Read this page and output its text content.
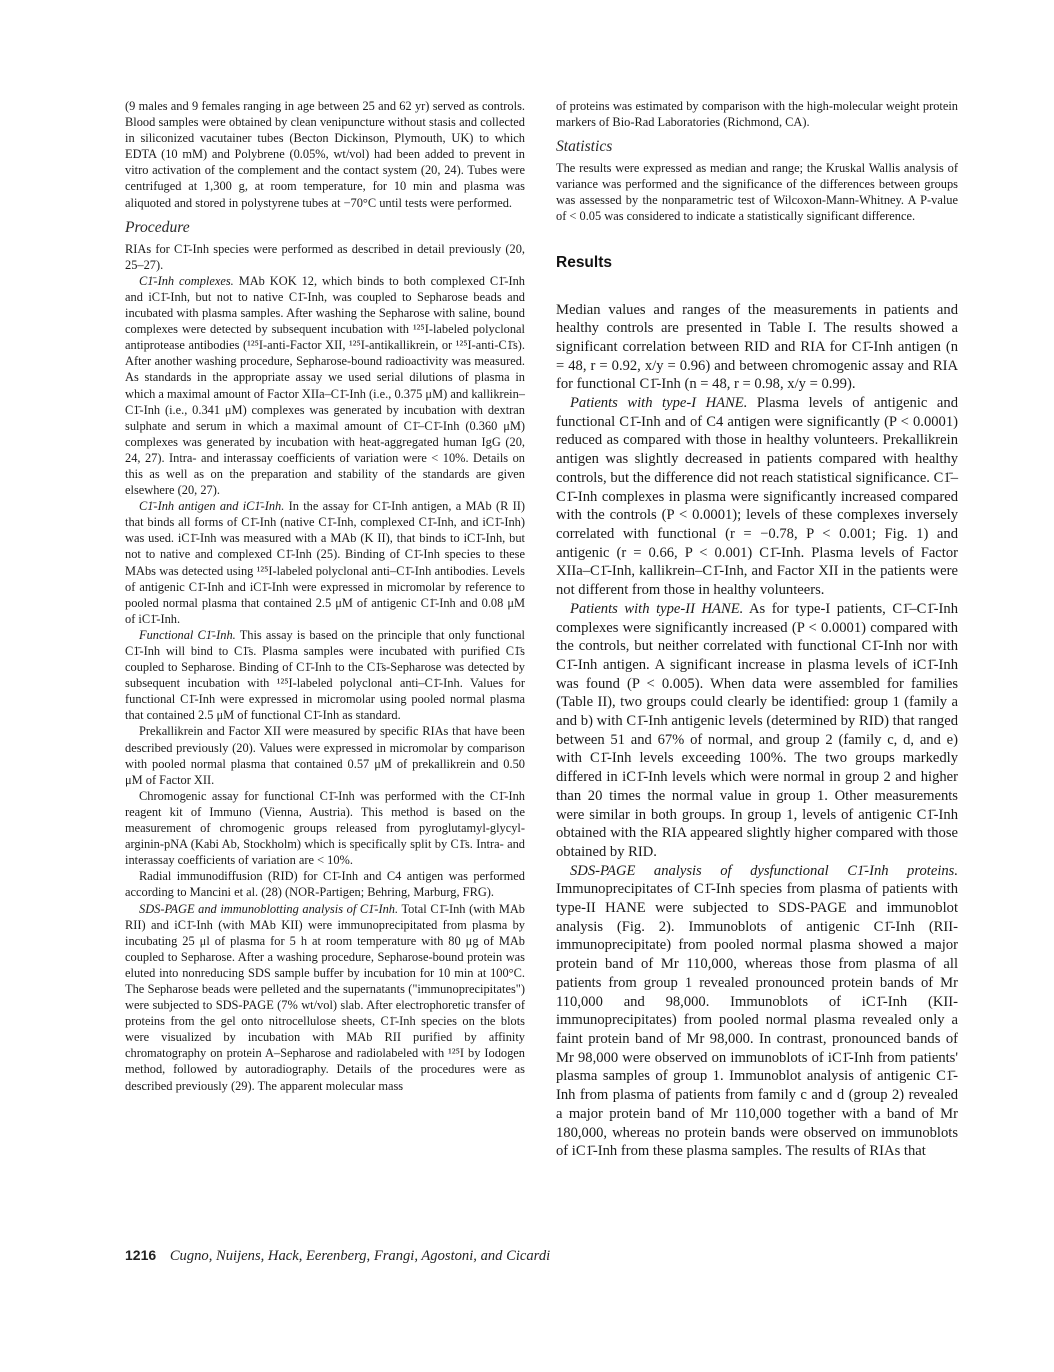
(9 males and 9 females ranging in age between 25 and 62 yr) served as controls. Blood samples were obtained by clean venipuncture without stasis and collected in siliconized vacutainer tubes (Becton Dickinson, Plymouth, UK) to which EDTA (10 mM) and Polybrene (0.05%, wt/vol) had been added to prevent in vitro activation of the complement and the contact system (20, 24). Tubes were centrifuged at 1,300 g, at room temperature, for 10 min and plasma was aliquoted and stored in polystyrene tubes at −70°C until tests were performed.

Procedure

RIAs for C1̄-Inh species were performed as described in detail previously (20, 25–27).

C1̄-Inh complexes. MAb KOK 12, which binds to both complexed C1̄-Inh and iC1̄-Inh, but not to native C1̄-Inh, was coupled to Sepharose beads and incubated with plasma samples. After washing the Sepharose with saline, bound complexes were detected by subsequent incubation with ¹²⁵I-labeled polyclonal antiprotease antibodies (¹²⁵I-anti-Factor XII, ¹²⁵I-antikallikrein, or ¹²⁵I-anti-C1̄s). After another washing procedure, Sepharose-bound radioactivity was measured. As standards in the appropriate assay we used serial dilutions of plasma in which a maximal amount of Factor XIIa–C1̄-Inh (i.e., 0.375 μM) and kallikrein–C1̄-Inh (i.e., 0.341 μM) complexes was generated by incubation with dextran sulphate and serum in which a maximal amount of C1̄–C1̄-Inh (0.360 μM) complexes was generated by incubation with heat-aggregated human IgG (20, 24, 27). Intra- and interassay coefficients of variation were < 10%. Details on this as well as on the preparation and stability of the standards are given elsewhere (20, 27).

C1̄-Inh antigen and iC1̄-Inh. In the assay for C1̄-Inh antigen, a MAb (R II) that binds all forms of C1̄-Inh (native C1̄-Inh, complexed C1̄-Inh, and iC1̄-Inh) was used. iC1̄-Inh was measured with a MAb (K II), that binds to iC1̄-Inh, but not to native and complexed C1̄-Inh (25). Binding of C1̄-Inh species to these MAbs was detected using ¹²⁵I-labeled polyclonal anti–C1̄-Inh antibodies. Levels of antigenic C1̄-Inh and iC1̄-Inh were expressed in micromolar by reference to pooled normal plasma that contained 2.5 μM of antigenic C1̄-Inh and 0.08 μM of iC1̄-Inh.

Functional C1̄-Inh. This assay is based on the principle that only functional C1̄-Inh will bind to C1̄s. Plasma samples were incubated with purified C1̄s coupled to Sepharose. Binding of C1̄-Inh to the C1̄s-Sepharose was detected by subsequent incubation with ¹²⁵I-labeled polyclonal anti–C1̄-Inh. Values for functional C1̄-Inh were expressed in micromolar using pooled normal plasma that contained 2.5 μM of functional C1̄-Inh as standard.

Prekallikrein and Factor XII were measured by specific RIAs that have been described previously (20). Values were expressed in micromolar by comparison with pooled normal plasma that contained 0.57 μM of prekallikrein and 0.50 μM of Factor XII.

Chromogenic assay for functional C1̄-Inh was performed with the C1̄-Inh reagent kit of Immuno (Vienna, Austria). This method is based on the measurement of chromogenic groups released from pyroglutamyl-glycyl-arginin-pNA (Kabi Ab, Stockholm) which is specifically split by C1̄s. Intra- and interassay coefficients of variation are < 10%.

Radial immunodiffusion (RID) for C1̄-Inh and C4 antigen was performed according to Mancini et al. (28) (NOR-Partigen; Behring, Marburg, FRG).

SDS-PAGE and immunoblotting analysis of C1̄-Inh. Total C1̄-Inh (with MAb RII) and iC1̄-Inh (with MAb KII) were immunoprecipitated from plasma by incubating 25 μl of plasma for 5 h at room temperature with 80 μg of MAb coupled to Sepharose. After a washing procedure, Sepharose-bound protein was eluted into nonreducing SDS sample buffer by incubation for 10 min at 100°C. The Sepharose beads were pelleted and the supernatants ("immunoprecipitates") were subjected to SDS-PAGE (7% wt/vol) slab. After electrophoretic transfer of proteins from the gel onto nitrocellulose sheets, C1̄-Inh species on the blots were visualized by incubation with MAb RII purified by affinity chromatography on protein A–Sepharose and radiolabeled with ¹²⁵I by Iodogen method, followed by autoradiography. Details of the procedures were as described previously (29). The apparent molecular mass

of proteins was estimated by comparison with the high-molecular weight protein markers of Bio-Rad Laboratories (Richmond, CA).

Statistics

The results were expressed as median and range; the Kruskal Wallis analysis of variance was performed and the significance of the differences between groups was assessed by the nonparametric test of Wilcoxon-Mann-Whitney. A P-value of < 0.05 was considered to indicate a statistically significant difference.

Results

Median values and ranges of the measurements in patients and healthy controls are presented in Table I. The results showed a significant correlation between RID and RIA for C1̄-Inh antigen (n = 48, r = 0.92, x/y = 0.96) and between chromogenic assay and RIA for functional C1̄-Inh (n = 48, r = 0.98, x/y = 0.99).

Patients with type-I HANE. Plasma levels of antigenic and functional C1̄-Inh and of C4 antigen were significantly (P < 0.0001) reduced as compared with those in healthy volunteers. Prekallikrein antigen was slightly decreased in patients compared with healthy controls, but the difference did not reach statistical significance. C1̄–C1̄-Inh complexes in plasma were significantly increased compared with the controls (P < 0.0001); levels of these complexes inversely correlated with functional (r = −0.78, P < 0.001; Fig. 1) and antigenic (r = 0.66, P < 0.001) C1̄-Inh. Plasma levels of Factor XIIa–C1̄-Inh, kallikrein–C1̄-Inh, and Factor XII in the patients were not different from those in healthy volunteers.

Patients with type-II HANE. As for type-I patients, C1̄–C1̄-Inh complexes were significantly increased (P < 0.0001) compared with the controls, but neither correlated with functional C1̄-Inh nor with C1̄-Inh antigen. A significant increase in plasma levels of iC1̄-Inh was found (P < 0.005). When data were assembled for families (Table II), two groups could clearly be identified: group 1 (family a and b) with C1̄-Inh antigenic levels (determined by RID) that ranged between 51 and 67% of normal, and group 2 (family c, d, and e) with C1̄-Inh levels exceeding 100%. The two groups markedly differed in iC1̄-Inh levels which were normal in group 2 and higher than 20 times the normal value in group 1. Other measurements were similar in both groups. In group 1, levels of antigenic C1̄-Inh obtained with the RIA appeared slightly higher compared with those obtained by RID.

SDS-PAGE analysis of dysfunctional C1̄-Inh proteins. Immunoprecipitates of C1̄-Inh species from plasma of patients with type-II HANE were subjected to SDS-PAGE and immunoblot analysis (Fig. 2). Immunoblots of antigenic C1̄-Inh (RII-immunoprecipitate) from pooled normal plasma showed a major protein band of Mr 110,000, whereas those from plasma of all patients from group 1 revealed pronounced protein bands of Mr 110,000 and 98,000. Immunoblots of iC1̄-Inh (KII-immunoprecipitates) from pooled normal plasma revealed only a faint protein band of Mr 98,000. In contrast, pronounced bands of Mr 98,000 were observed on immunoblots of iC1̄-Inh from patients' plasma samples of group 1. Immunoblot analysis of antigenic C1̄-Inh from plasma of patients from family c and d (group 2) revealed a major protein band of Mr 110,000 together with a band of Mr 180,000, whereas no protein bands were observed on immunoblots of iC1̄-Inh from these plasma samples. The results of RIAs that

1216 Cugno, Nuijens, Hack, Eerenberg, Frangi, Agostoni, and Cicardi
